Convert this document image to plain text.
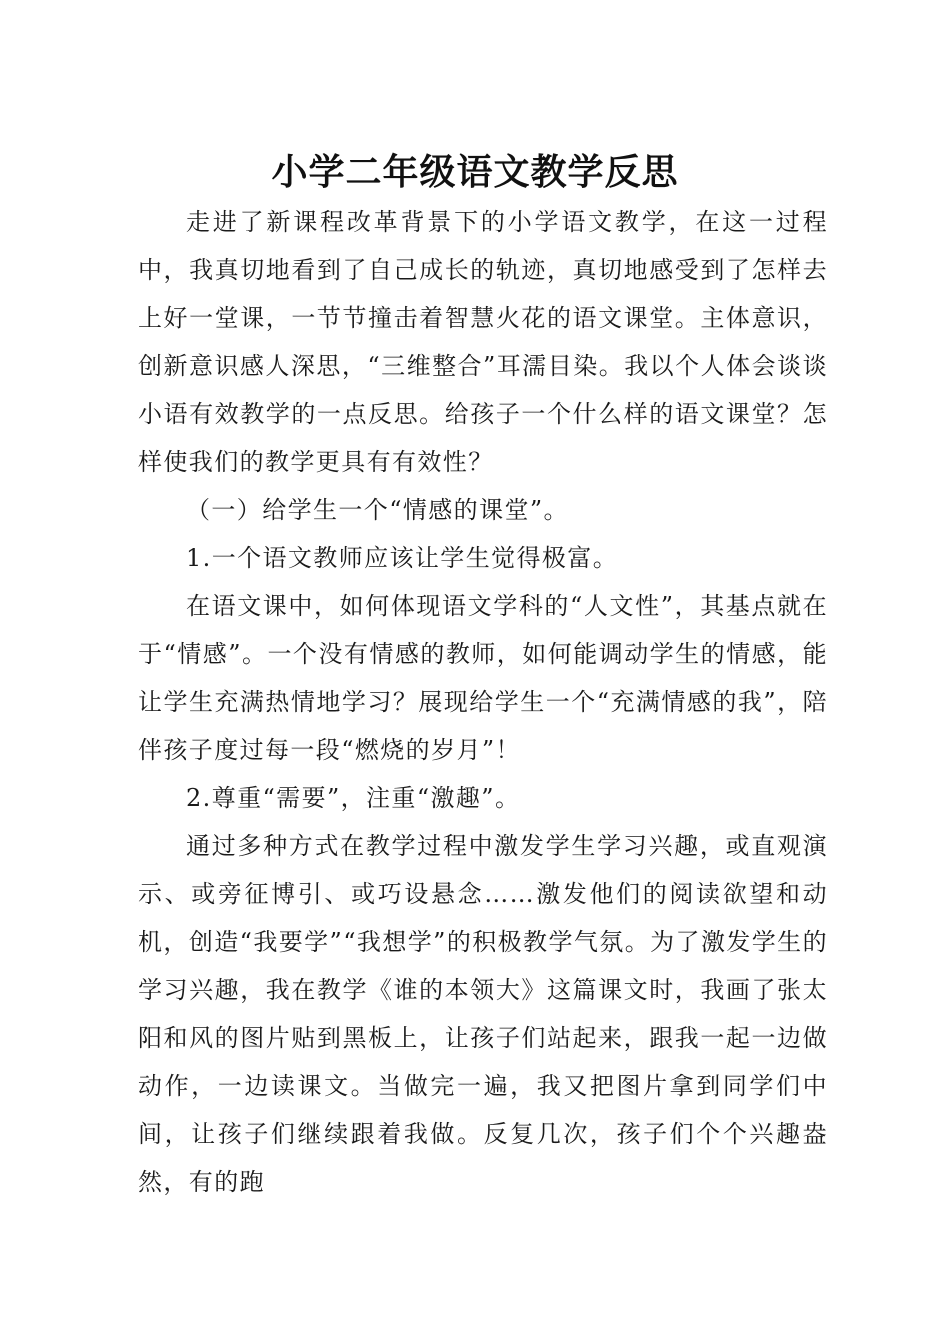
小学二年级语文教学反思

走进了新课程改革背景下的小学语文教学，在这一过程中，我真切地看到了自己成长的轨迹，真切地感受到了怎样去上好一堂课，一节节撞击着智慧火花的语文课堂。主体意识，创新意识感人深思，“三维整合”耳濡目染。我以个人体会谈谈小语有效教学的一点反思。给孩子一个什么样的语文课堂？怎样使我们的教学更具有有效性？

（一）给学生一个“情感的课堂”。

1.一个语文教师应该让学生觉得极富。

在语文课中，如何体现语文学科的“人文性”，其基点就在于“情感”。一个没有情感的教师，如何能调动学生的情感，能让学生充满热情地学习？展现给学生一个“充满情感的我”，陪伴孩子度过每一段“燃烧的岁月”！

2.尊重“需要”，注重“激趣”。

通过多种方式在教学过程中激发学生学习兴趣，或直观演示、或旁征博引、或巧设悬念……激发他们的阅读欲望和动机，创造“我要学”“我想学”的积极教学气氛。为了激发学生的学习兴趣，我在教学《谁的本领大》这篇课文时，我画了张太阳和风的图片贴到黑板上，让孩子们站起来，跟我一起一边做动作，一边读课文。当做完一遍，我又把图片拿到同学们中间，让孩子们继续跟着我做。反复几次，孩子们个个兴趣盎然，有的跑
